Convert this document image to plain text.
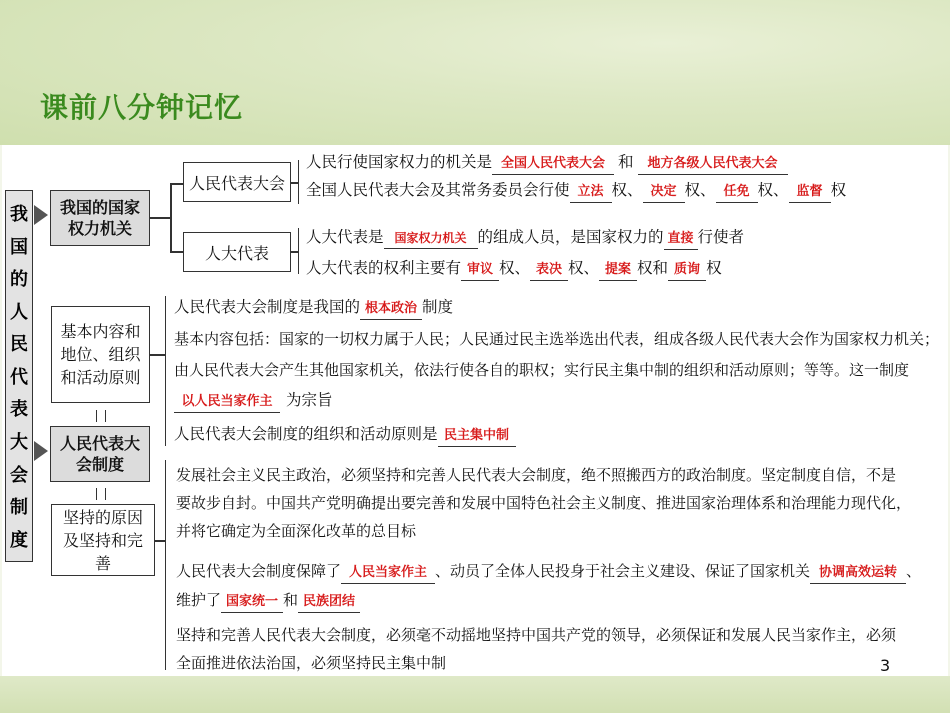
课前八分钟记忆
我
国
的
人
民
代
表
大
会
制
度
我国的国家权力机关
基本内容和地位、组织和活动原则
人民代表大会制度
坚持的原因及坚持和完善
人民代表大会
人大代表
人民行使国家权力的机关是 全国人民代表大会 和 地方各级人民代表大会
全国人民代表大会及其常务委员会行使 立法 权、 决定 权、 任免 权、 监督 权
人大代表是 国家权力机关 的组成人员，是国家权力的 直接 行使者
人大代表的权利主要有 审议 权、 表决 权、 提案 权和 质询 权
人民代表大会制度是我国的 根本政治 制度
基本内容包括：国家的一切权力属于人民；人民通过民主选举选出代表，组成各级人民代表大会作为国家权力机关；
由人民代表大会产生其他国家机关，依法行使各自的职权；实行民主集中制的组织和活动原则；等等。这一制度
以人民当家作主 为宗旨
人民代表大会制度的组织和活动原则是 民主集中制
发展社会主义民主政治，必须坚持和完善人民代表大会制度，绝不照搬西方的政治制度。坚定制度自信，不是
要故步自封。中国共产党明确提出要完善和发展中国特色社会主义制度、推进国家治理体系和治理能力现代化，
并将它确定为全面深化改革的总目标
人民代表大会制度保障了 人民当家作主 、动员了全体人民投身于社会主义建设、保证了国家机关 协调高效运转 、
维护了 国家统一 和 民族团结
坚持和完善人民代表大会制度，必须毫不动摇地坚持中国共产党的领导，必须保证和发展人民当家作主，必须
全面推进依法治国，必须坚持民主集中制	3
